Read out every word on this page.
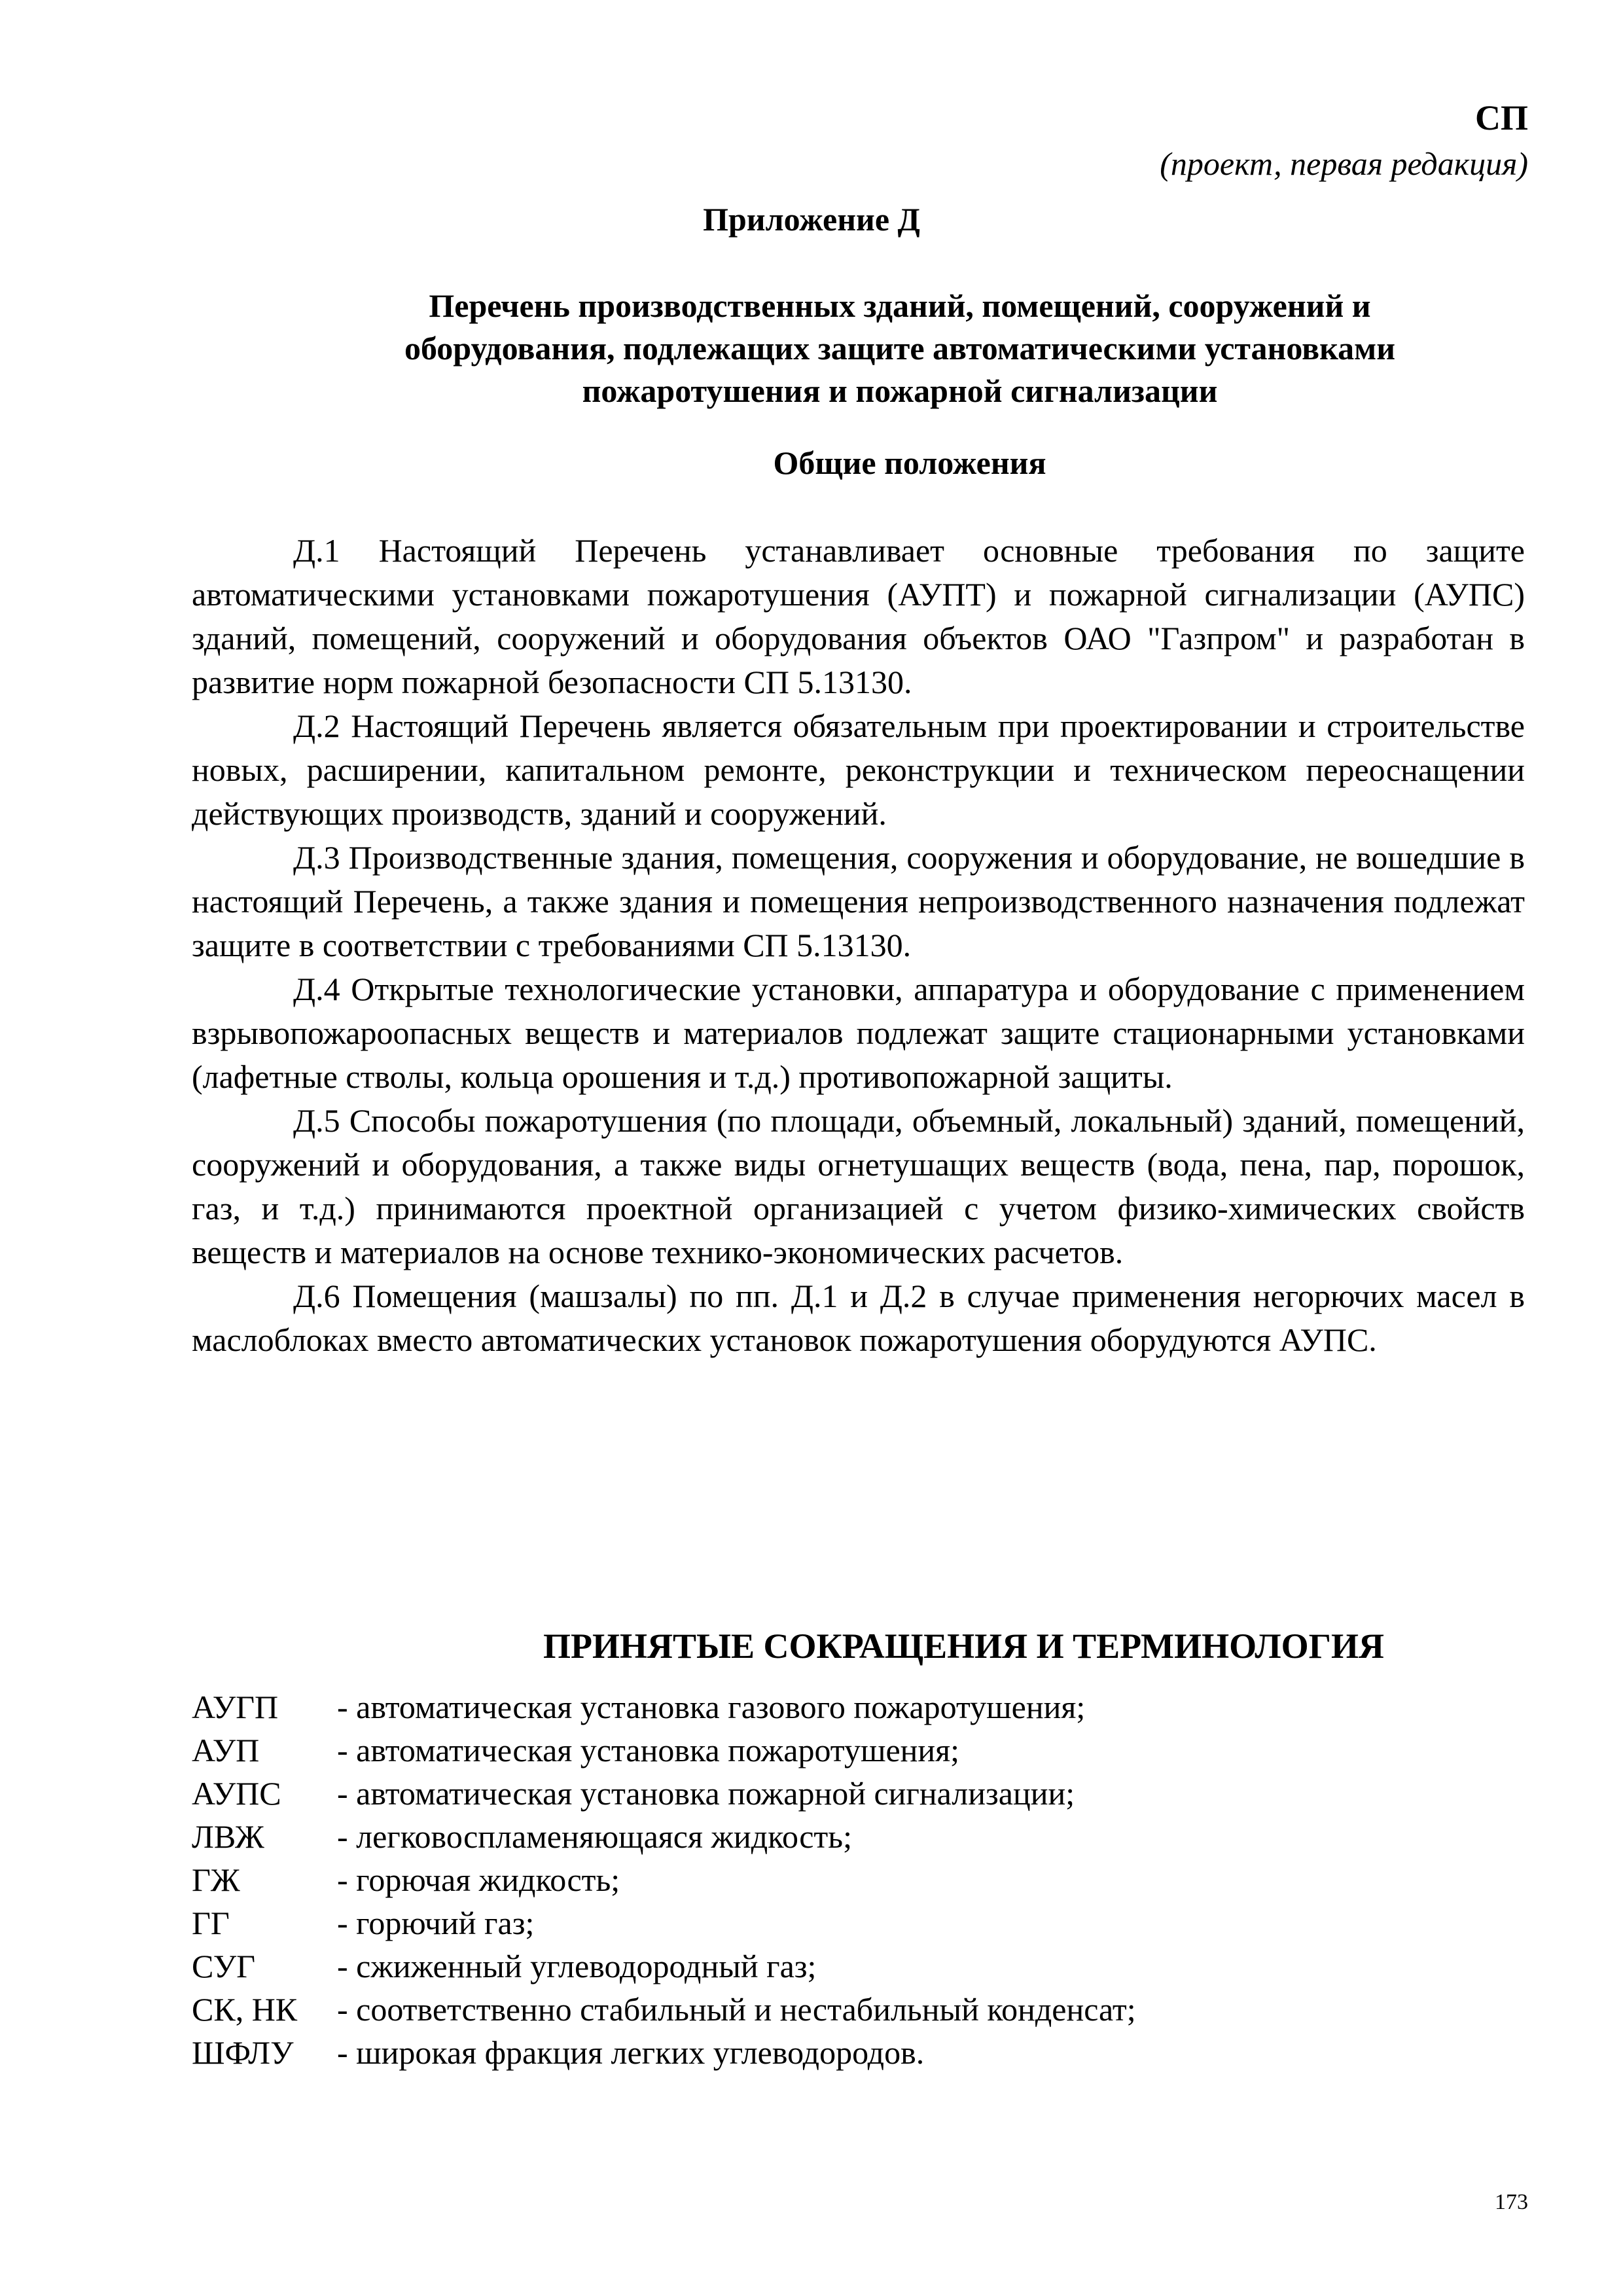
СП
(проект, первая редакция)
Приложение Д
Перечень производственных зданий, помещений, сооружений и
оборудования, подлежащих защите автоматическими установками
пожаротушения и пожарной сигнализации
Общие положения

Д.1 Настоящий Перечень устанавливает основные требования по защите автоматическими установками пожаротушения (АУПТ) и пожарной сигнализации (АУПС) зданий, помещений, сооружений и оборудования объектов ОАО "Газпром" и разработан в развитие норм пожарной безопасности СП 5.13130.

Д.2 Настоящий Перечень является обязательным при проектировании и строительстве новых, расширении, капитальном ремонте, реконструкции и техническом переоснащении действующих производств, зданий и сооружений.

Д.3 Производственные здания, помещения, сооружения и оборудование, не вошедшие в настоящий Перечень, а также здания и помещения непроизводственного назначения подлежат защите в соответствии с требованиями СП 5.13130.

Д.4 Открытые технологические установки, аппаратура и оборудование с применением взрывопожароопасных веществ и материалов подлежат защите стационарными установками (лафетные стволы, кольца орошения и т.д.) противопожарной защиты.

Д.5 Способы пожаротушения (по площади, объемный, локальный) зданий, помещений, сооружений и оборудования, а также виды огнетушащих веществ (вода, пена, пар, порошок, газ, и т.д.) принимаются проектной организацией с учетом физико-химических свойств веществ и материалов на основе технико-экономических расчетов.

Д.6 Помещения (машзалы) по пп. Д.1 и Д.2 в случае применения негорючих масел в маслоблоках вместо автоматических установок пожаротушения оборудуются АУПС.

ПРИНЯТЫЕ СОКРАЩЕНИЯ И ТЕРМИНОЛОГИЯ
АУГП	- автоматическая установка газового пожаротушения;
АУП	- автоматическая установка пожаротушения;
АУПС	- автоматическая установка пожарной сигнализации;
ЛВЖ	- легковоспламеняющаяся жидкость;
ГЖ	- горючая жидкость;
ГГ	- горючий газ;
СУГ	- сжиженный углеводородный газ;
СК, НК	- соответственно стабильный и нестабильный конденсат;
ШФЛУ	- широкая фракция легких углеводородов.
173
